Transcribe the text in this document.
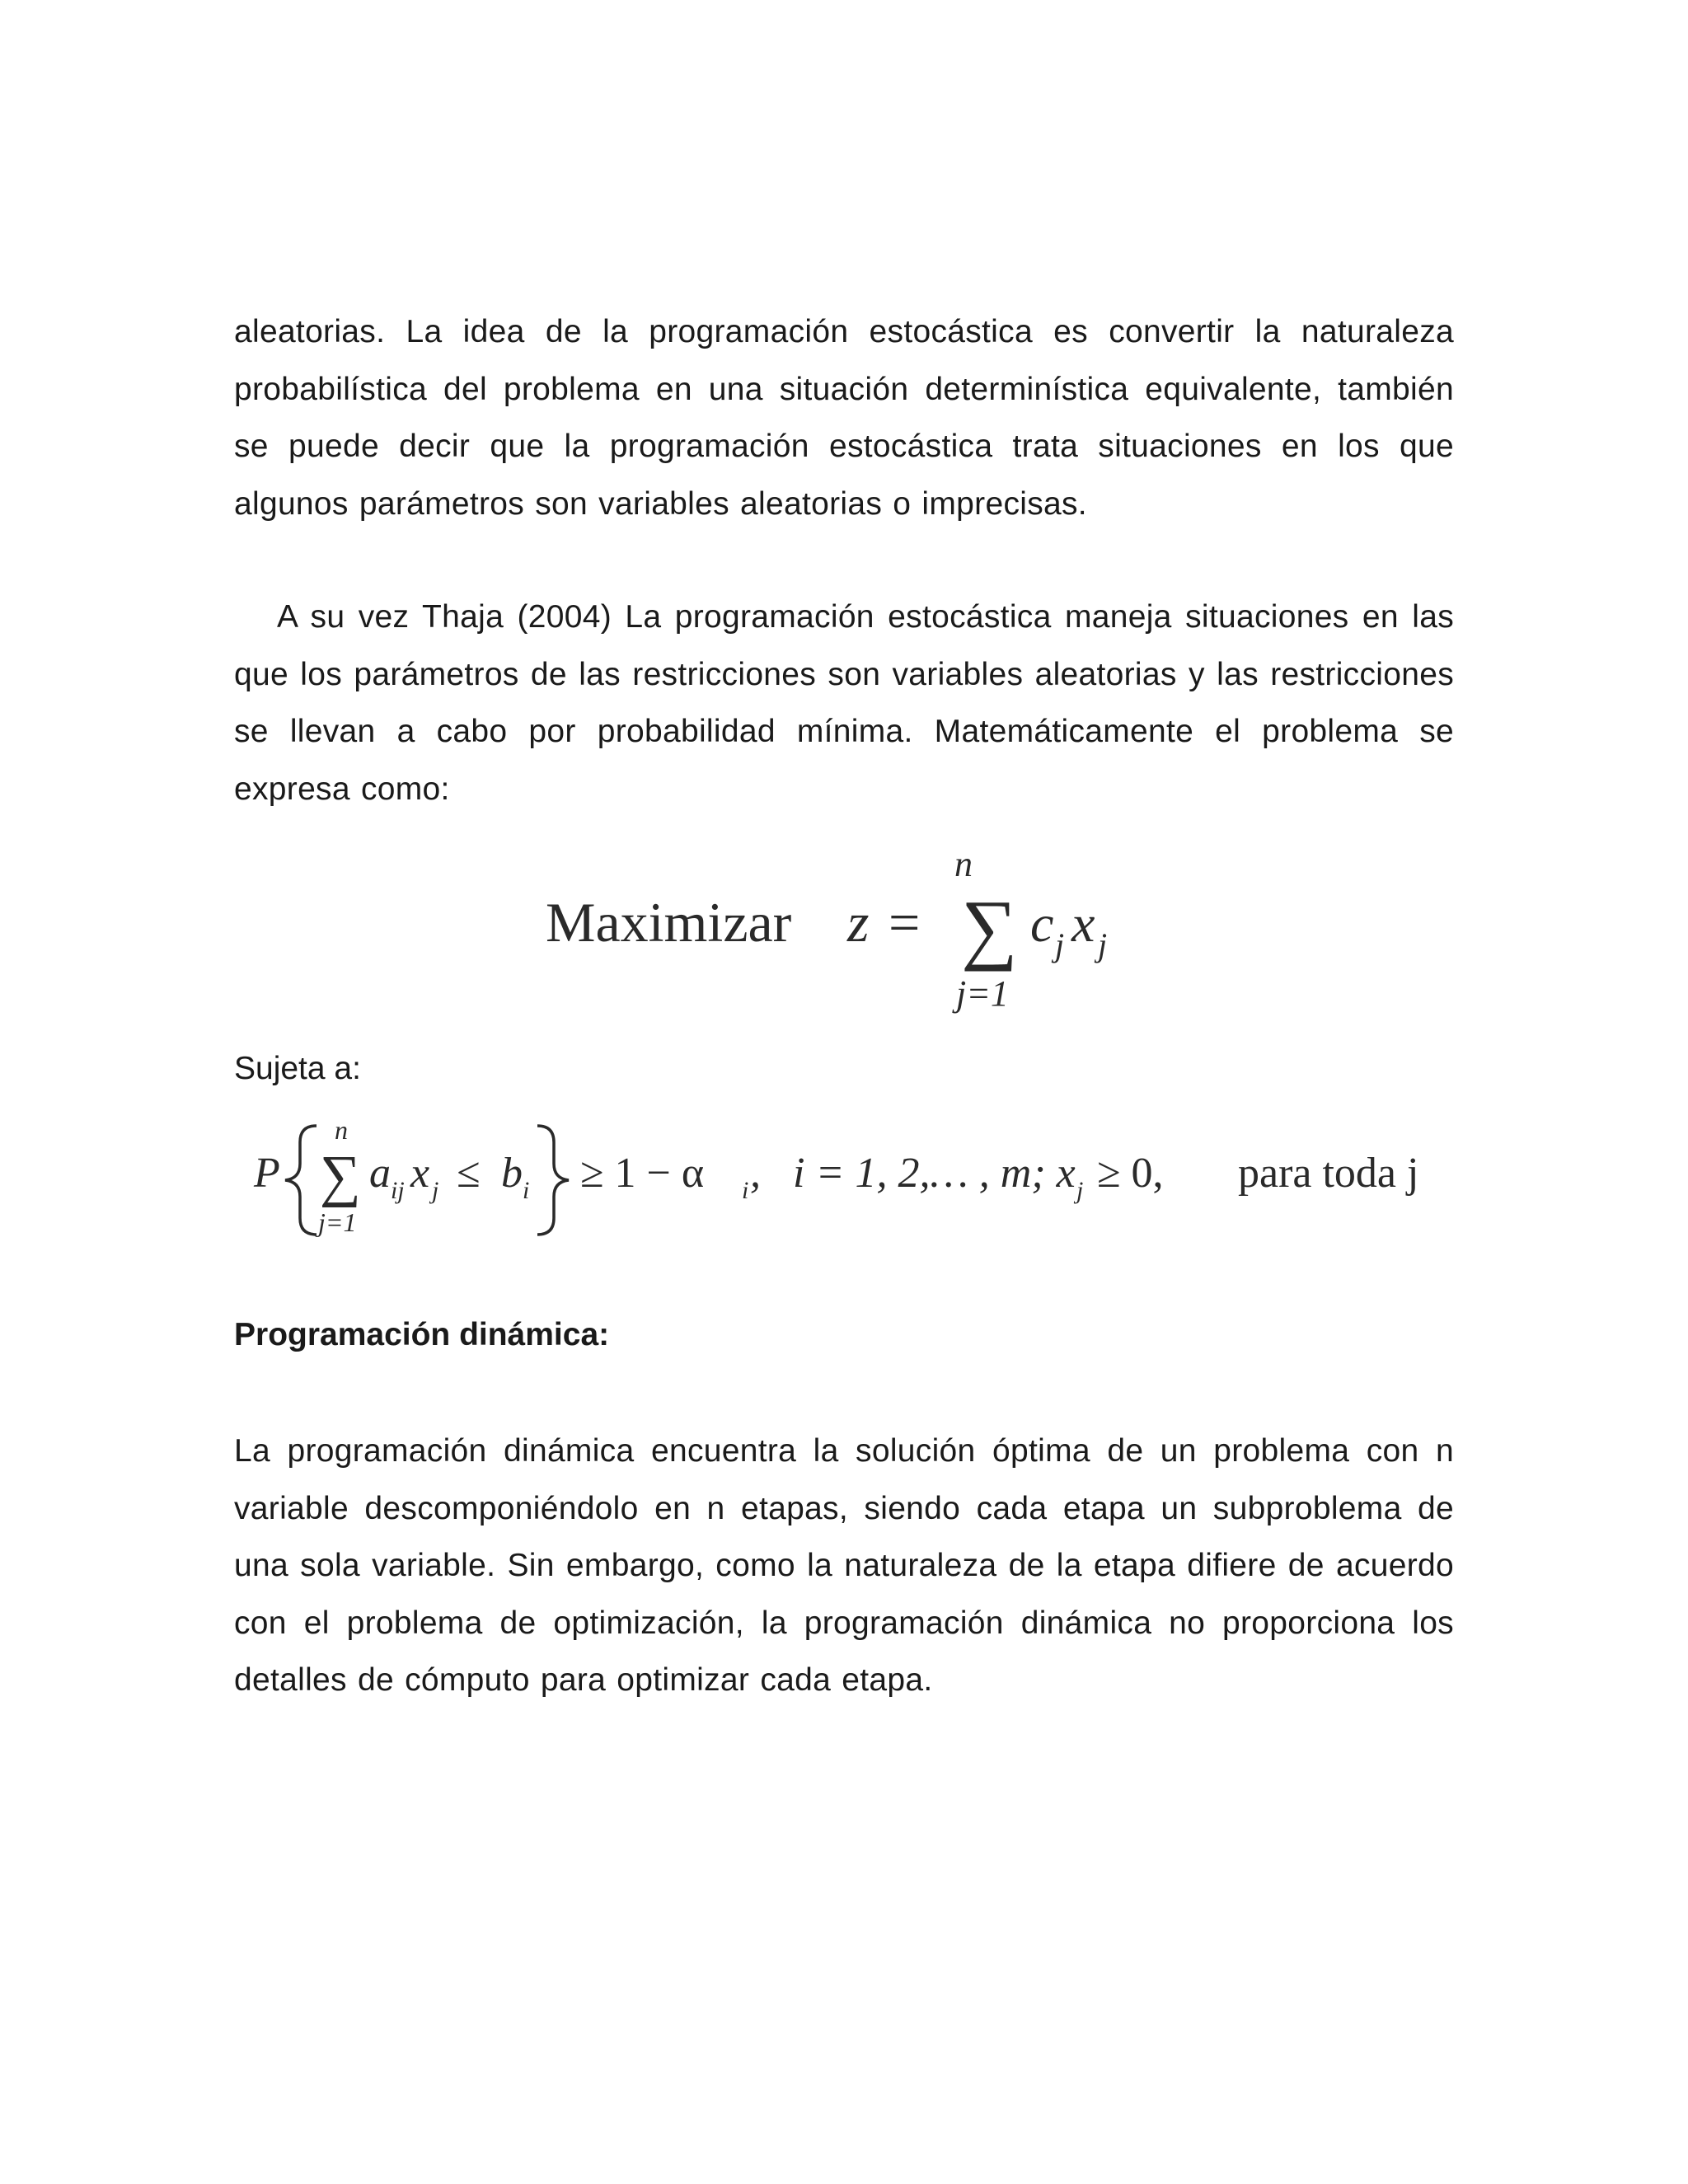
aleatorias. La idea de la programación estocástica es convertir la naturaleza probabilística del problema en una situación determinística equivalente, también se puede decir que la programación estocástica trata situaciones en los que algunos parámetros son variables aleatorias o imprecisas.

A su vez Thaja (2004) La programación estocástica maneja situaciones en las que los parámetros de las restricciones son variables aleatorias y las restricciones se llevan a cabo por probabilidad mínima. Matemáticamente el problema se expresa como:

Maximizar z =
n
∑
j=1
c j x j
Sujeta a:
P
n
∑
j=1
a ij x j ≤ b i ≥ 1 − α i ,   i = 1, 2,… , m; x j ≥ 0, para toda j
Programación dinámica:

La programación dinámica encuentra la solución óptima de un problema con n variable descomponiéndolo en n etapas, siendo cada etapa un subproblema de una sola variable. Sin embargo, como la naturaleza de la etapa difiere de acuerdo con el problema de optimización, la programación dinámica no proporciona los detalles de cómputo para optimizar cada etapa.
